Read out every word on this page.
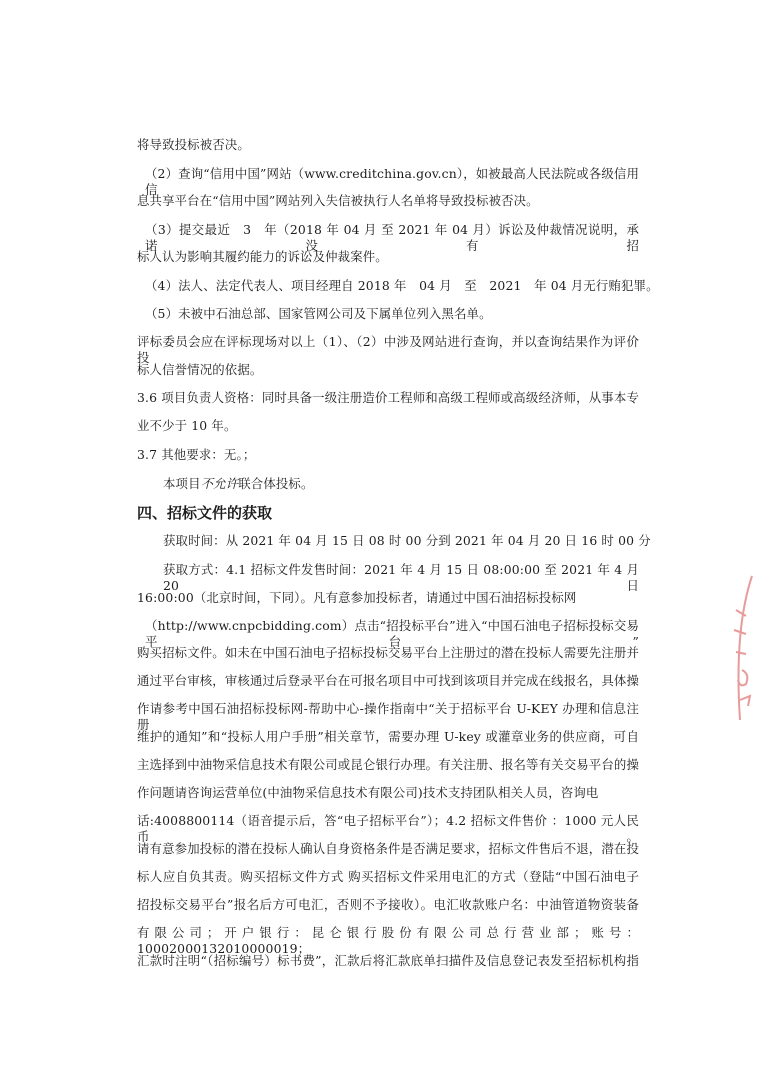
将导致投标被否决。
（2）查询“信用中国”网站（www.creditchina.gov.cn），如被最高人民法院或各级信用信
息共享平台在“信用中国”网站列入失信被执行人名单将导致投标被否决。
（3）提交最近　3　年（2018 年 04 月 至 2021 年 04 月）诉讼及仲裁情况说明，承诺没有招
标人认为影响其履约能力的诉讼及仲裁案件。
（4）法人、法定代表人、项目经理自 2018 年　04 月　至　2021　年 04 月无行贿犯罪。
（5）未被中石油总部、国家管网公司及下属单位列入黑名单。
评标委员会应在评标现场对以上（1）、（2）中涉及网站进行查询，并以查询结果作为评价投
标人信誉情况的依据。
3.6 项目负责人资格：同时具备一级注册造价工程师和高级工程师或高级经济师，从事本专
业不少于 10 年。
3.7 其他要求：无。；
本项目不允许联合体投标。
四、招标文件的获取
获取时间：从 2021 年 04 月 15 日 08 时 00 分到 2021 年 04 月 20 日 16 时 00 分
获取方式：4.1 招标文件发售时间：2021 年 4 月 15 日 08:00:00 至 2021 年 4 月 20 日
16:00:00（北京时间，下同）。凡有意参加投标者，请通过中国石油招标投标网
（http://www.cnpcbidding.com）点击“招投标平台”进入“中国石油电子招标投标交易平台”
购买招标文件。如未在中国石油电子招标投标交易平台上注册过的潜在投标人需要先注册并
通过平台审核，审核通过后登录平台在可报名项目中可找到该项目并完成在线报名，具体操
作请参考中国石油招标投标网-帮助中心-操作指南中“关于招标平台 U-KEY 办理和信息注册
维护的通知”和“投标人用户手册”相关章节，需要办理 U-key 或灌章业务的供应商，可自
主选择到中油物采信息技术有限公司或昆仑银行办理。有关注册、报名等有关交易平台的操
作问题请咨询运营单位(中油物采信息技术有限公司)技术支持团队相关人员，咨询电
话:4008800114（语音提示后，答“电子招标平台”）；4.2 招标文件售价 ：1000 元人民币。
请有意参加投标的潜在投标人确认自身资格条件是否满足要求，招标文件售后不退，潜在投
标人应自负其责。购买招标文件方式 购买招标文件采用电汇的方式（登陆“中国石油电子
招投标交易平台”报名后方可电汇，否则不予接收）。电汇收款账户名：中油管道物资装备
有限公司；开户银行：昆仑银行股份有限公司总行营业部；账号：10002000132010000019；
汇款时注明“（招标编号）标书费”，汇款后将汇款底单扫描件及信息登记表发至招标机构指
